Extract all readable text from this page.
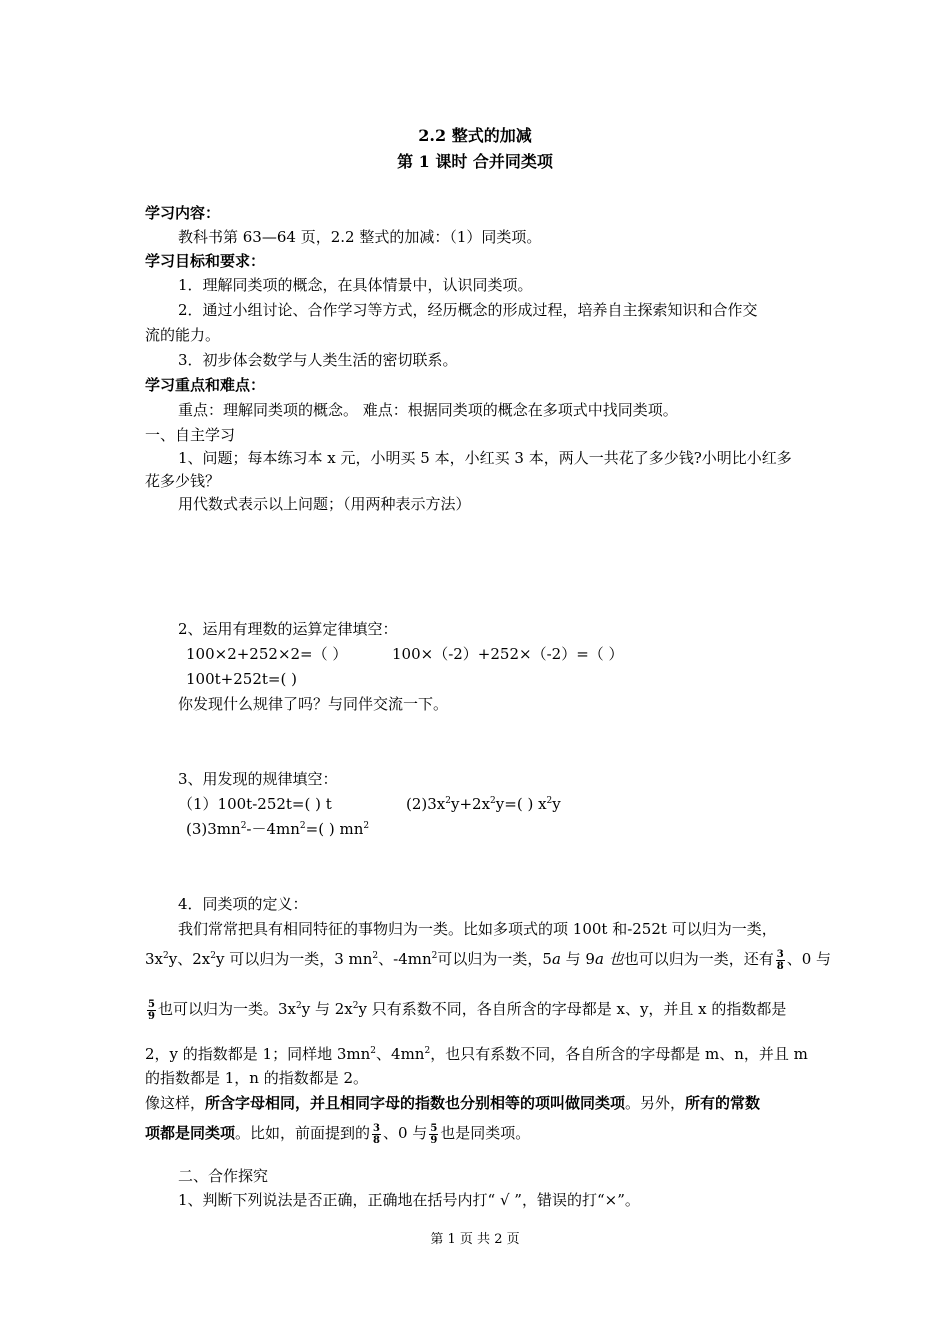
2.2 整式的加减
第 1 课时 合并同类项
学习内容：
教科书第 63—64 页，2.2 整式的加减：（1）同类项。
学习目标和要求：
1．理解同类项的概念，在具体情景中，认识同类项。
2．通过小组讨论、合作学习等方式，经历概念的形成过程，培养自主探索知识和合作交
流的能力。
3．初步体会数学与人类生活的密切联系。
学习重点和难点：
重点：理解同类项的概念。 难点：根据同类项的概念在多项式中找同类项。
一、自主学习
1、问题；每本练习本 x 元，小明买 5 本，小红买 3 本，两人一共花了多少钱?小明比小红多
花多少钱？
用代数式表示以上问题；（用两种表示方法）
2、运用有理数的运算定律填空：
100×2+252×2=（ ）	100×（-2）+252×（-2）=（ ）
100t+252t=( )
你发现什么规律了吗？与同伴交流一下。
3、用发现的规律填空：
（1）100t-252t=( ) t	$(2)3x^2y+2x^2y=$( ) $x^2y$
$(3)3mn^2--4mn^2=$( ) $mn^2$
4．同类项的定义：
我们常常把具有相同特征的事物归为一类。比如多项式的项 100t 和-252t 可以归为一类，
$3x^2y$、$2x^2y$ 可以归为一类，3 $mn^2$、$-4mn^2$可以归为一类，5a 与 9a 也也可以归为一类，还有 $\frac{3}{8}$ 、0 与
$\frac{5}{9}$ 也可以归为一类。$3x^2y$ 与 $2x^2y$ 只有系数不同，各自所含的字母都是 x、y，并且 x 的指数都是
2，y 的指数都是 1；同样地 $3mn^2$、$4mn^2$，也只有系数不同，各自所含的字母都是 m、n，并且 m
的指数都是 1，n 的指数都是 2。
像这样，所含字母相同，并且相同字母的指数也分别相等的项叫做同类项。另外，所有的常数
项都是同类项。比如，前面提到的 $\frac{3}{8}$ 、0 与 $\frac{5}{9}$ 也是同类项。
二、合作探究
1、判断下列说法是否正确，正确地在括号内打“ √ ”，错误的打“×”。
第 1 页 共 2 页
